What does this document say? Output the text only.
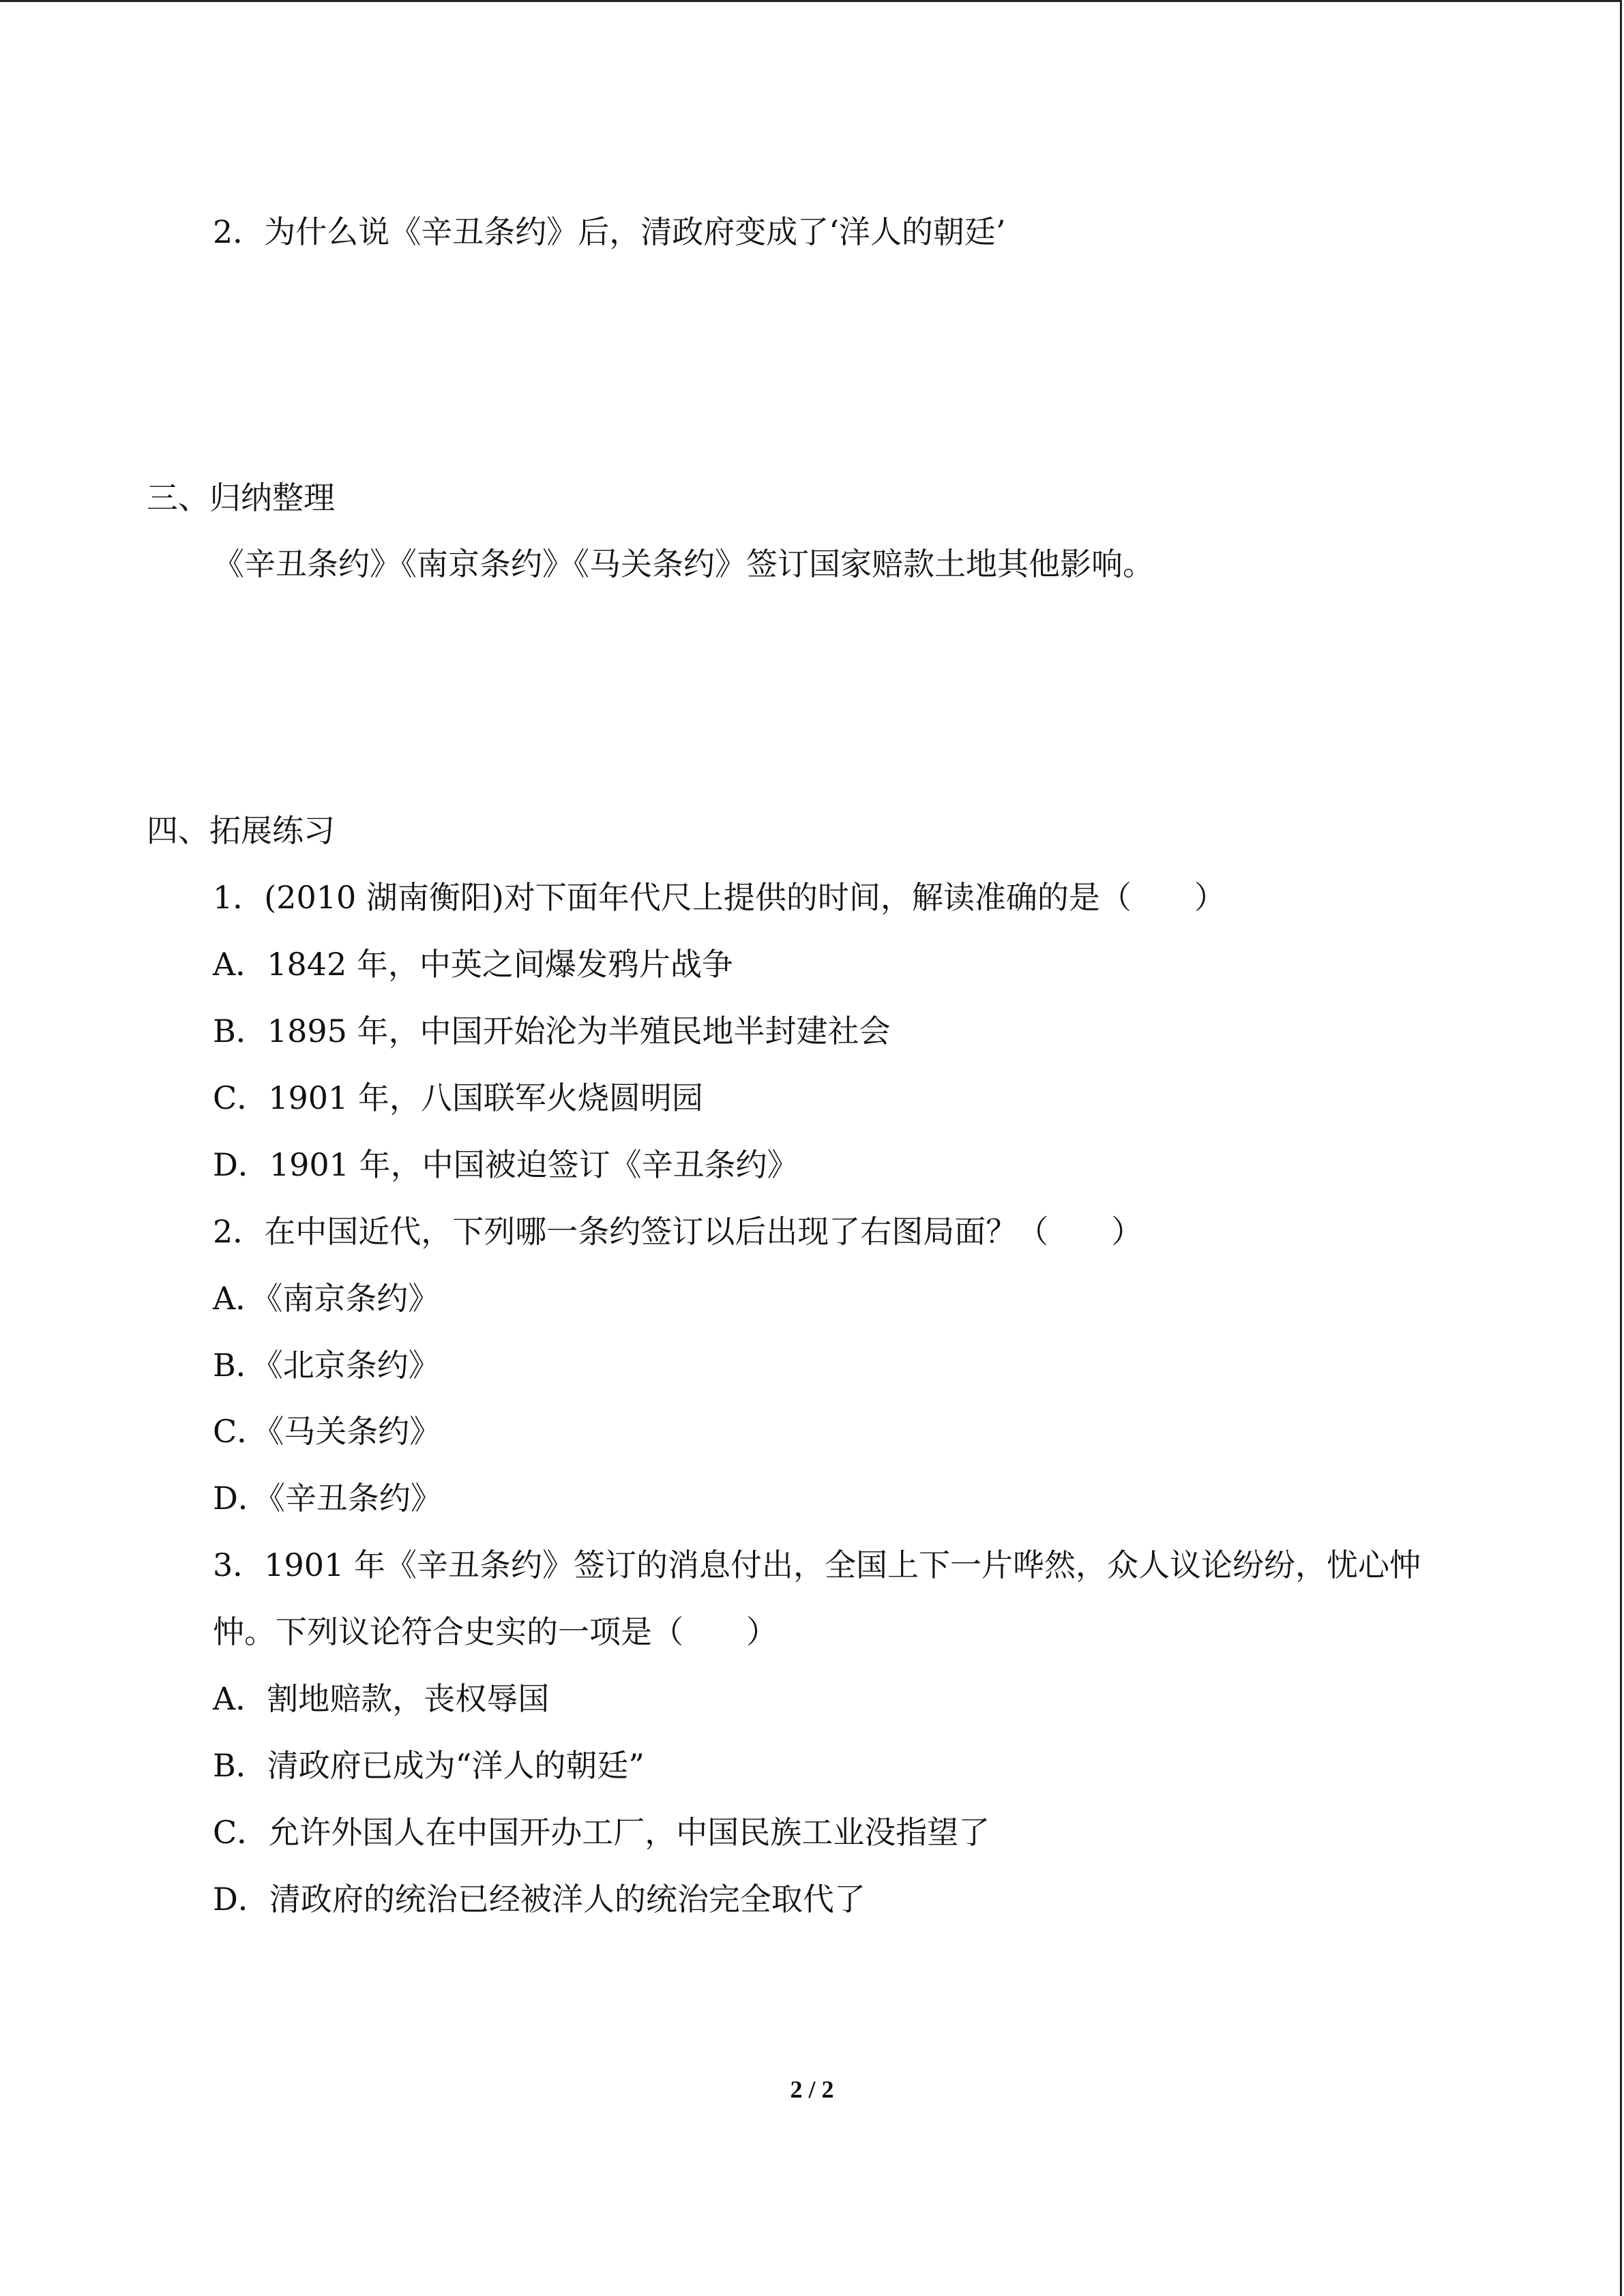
2．为什么说《辛丑条约》后，清政府变成了‘洋人的朝廷’
三、归纳整理
《辛丑条约》《南京条约》《马关条约》签订国家赔款土地其他影响。
四、拓展练习
1．(2010 湖南衡阳)对下面年代尺上提供的时间，解读准确的是（　　）
A．1842 年，中英之间爆发鸦片战争
B．1895 年，中国开始沦为半殖民地半封建社会
C．1901 年，八国联军火烧圆明园
D．1901 年，中国被迫签订《辛丑条约》
2．在中国近代，下列哪一条约签订以后出现了右图局面？（　　）
A．《南京条约》
B．《北京条约》
C．《马关条约》
D．《辛丑条约》
3．1901 年《辛丑条约》签订的消息付出，全国上下一片哗然，众人议论纷纷，忧心忡
忡。下列议论符合史实的一项是（　　）
A．割地赔款，丧权辱国
B．清政府已成为“洋人的朝廷”
C．允许外国人在中国开办工厂，中国民族工业没指望了
D．清政府的统治已经被洋人的统治完全取代了
2 / 2
